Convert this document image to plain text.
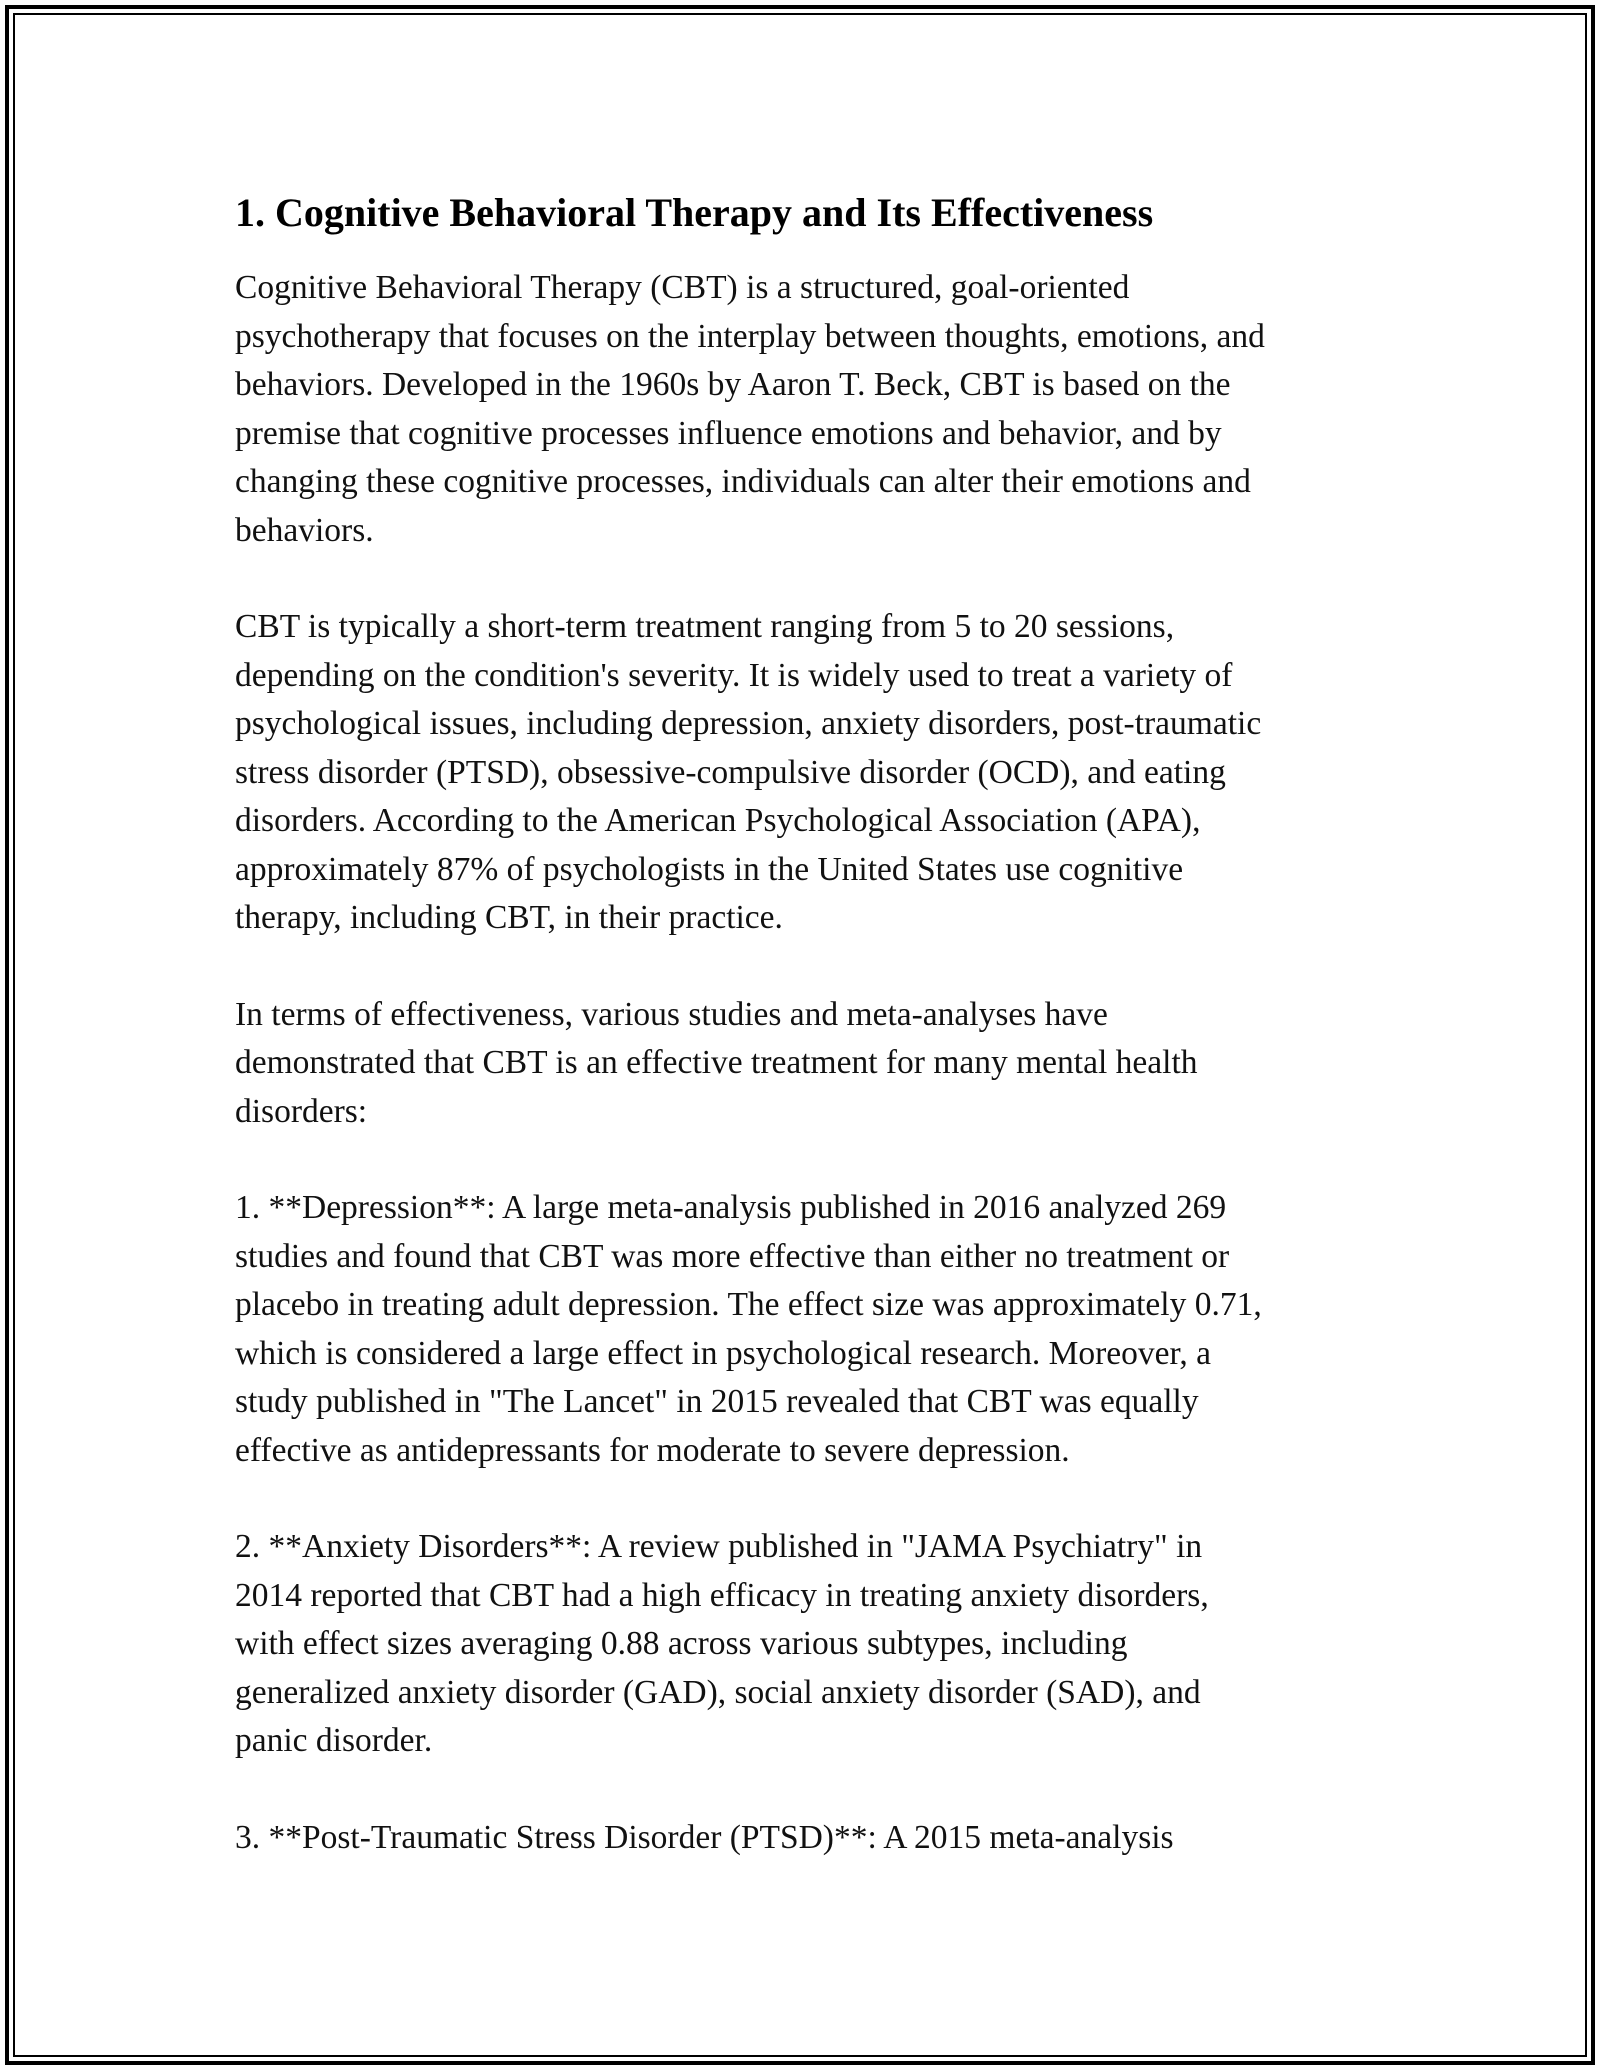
1. Cognitive Behavioral Therapy and Its Effectiveness

Cognitive Behavioral Therapy (CBT) is a structured, goal-oriented
psychotherapy that focuses on the interplay between thoughts, emotions, and
behaviors. Developed in the 1960s by Aaron T. Beck, CBT is based on the
premise that cognitive processes influence emotions and behavior, and by
changing these cognitive processes, individuals can alter their emotions and
behaviors.

CBT is typically a short-term treatment ranging from 5 to 20 sessions,
depending on the condition's severity. It is widely used to treat a variety of
psychological issues, including depression, anxiety disorders, post-traumatic
stress disorder (PTSD), obsessive-compulsive disorder (OCD), and eating
disorders. According to the American Psychological Association (APA),
approximately 87% of psychologists in the United States use cognitive
therapy, including CBT, in their practice.

In terms of effectiveness, various studies and meta-analyses have
demonstrated that CBT is an effective treatment for many mental health
disorders:

1. **Depression**: A large meta-analysis published in 2016 analyzed 269
studies and found that CBT was more effective than either no treatment or
placebo in treating adult depression. The effect size was approximately 0.71,
which is considered a large effect in psychological research. Moreover, a
study published in "The Lancet" in 2015 revealed that CBT was equally
effective as antidepressants for moderate to severe depression.

2. **Anxiety Disorders**: A review published in "JAMA Psychiatry" in
2014 reported that CBT had a high efficacy in treating anxiety disorders,
with effect sizes averaging 0.88 across various subtypes, including
generalized anxiety disorder (GAD), social anxiety disorder (SAD), and
panic disorder.

3. **Post-Traumatic Stress Disorder (PTSD)**: A 2015 meta-analysis
